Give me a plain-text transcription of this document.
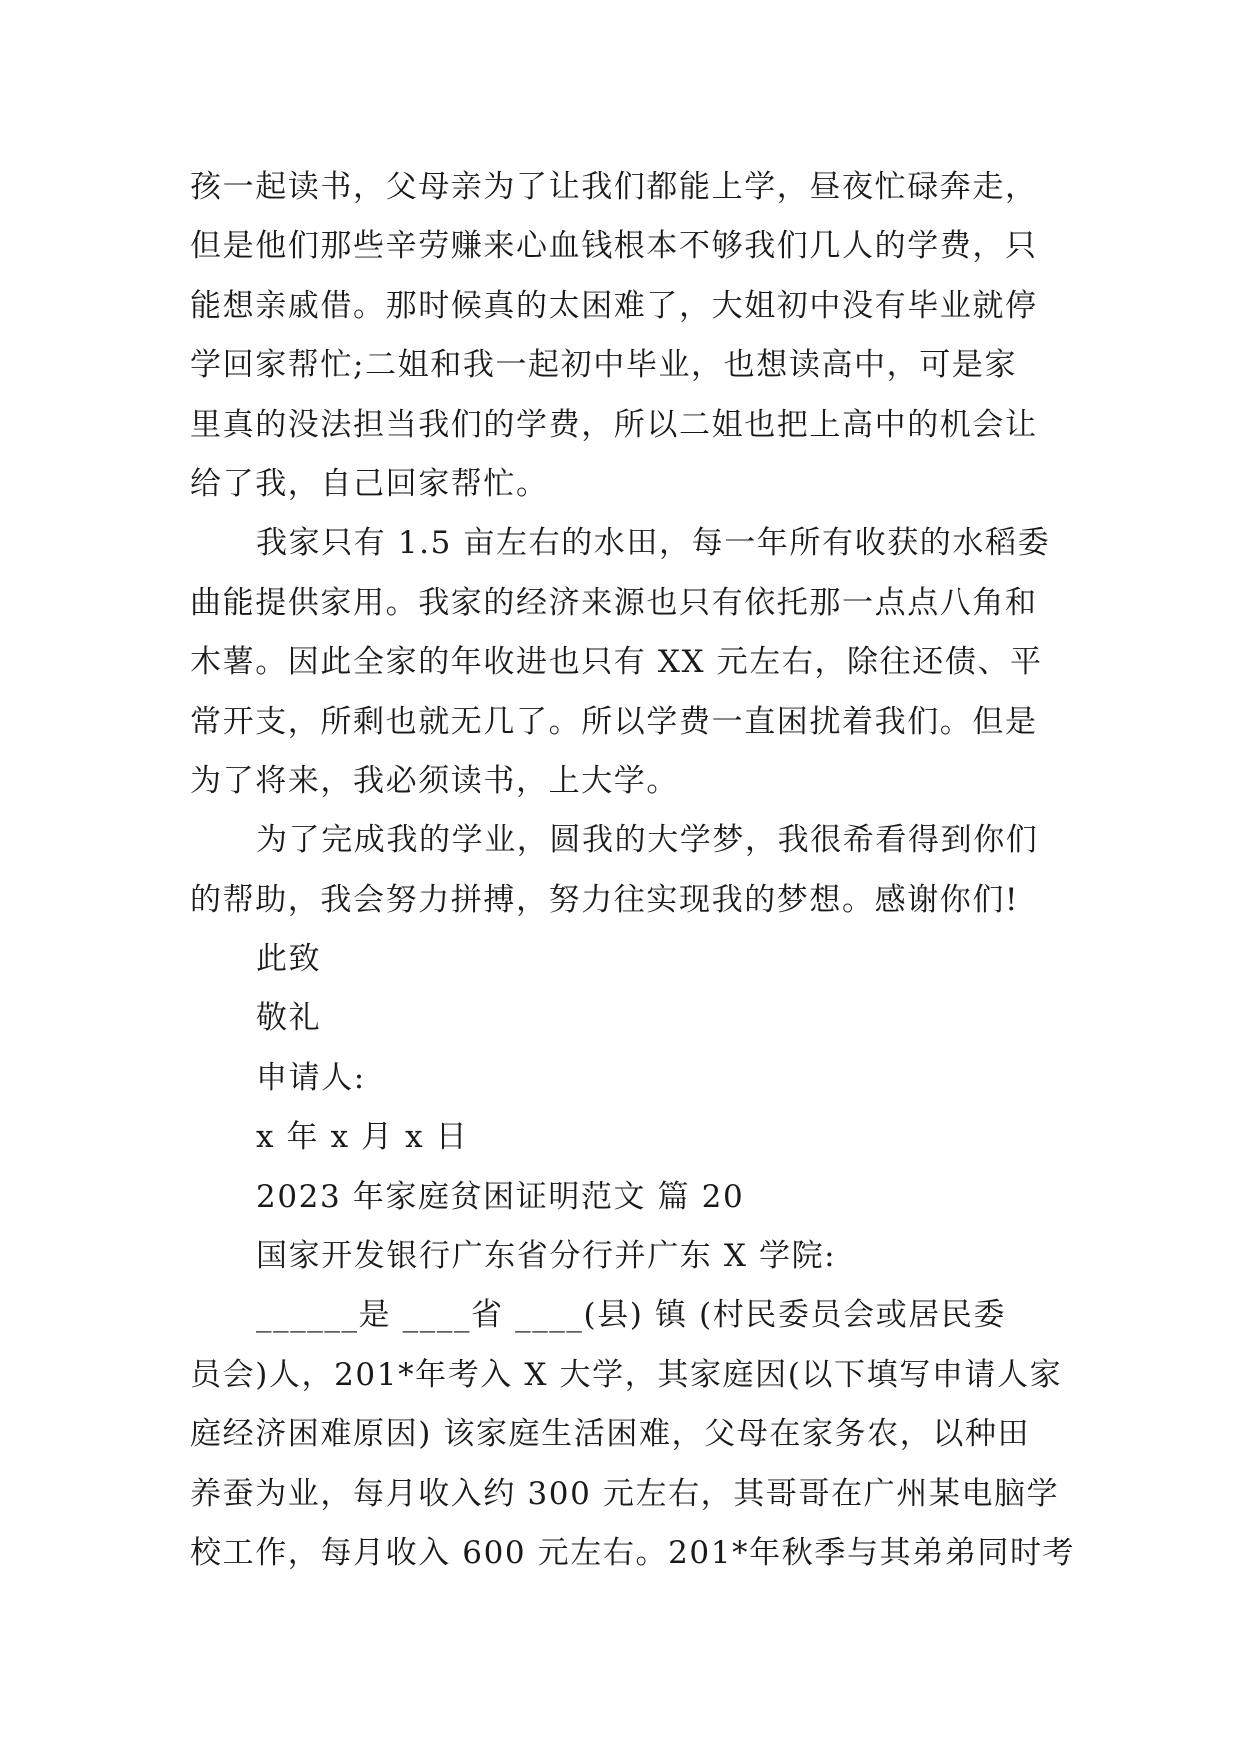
孩一起读书，父母亲为了让我们都能上学，昼夜忙碌奔走，
但是他们那些辛劳赚来心血钱根本不够我们几人的学费，只
能想亲戚借。那时候真的太困难了，大姐初中没有毕业就停
学回家帮忙;二姐和我一起初中毕业，也想读高中，可是家
里真的没法担当我们的学费，所以二姐也把上高中的机会让
给了我，自己回家帮忙。
我家只有 1.5 亩左右的水田，每一年所有收获的水稻委
曲能提供家用。我家的经济来源也只有依托那一点点八角和
木薯。因此全家的年收进也只有 XX 元左右，除往还债、平
常开支，所剩也就无几了。所以学费一直困扰着我们。但是
为了将来，我必须读书，上大学。
为了完成我的学业，圆我的大学梦，我很希看得到你们
的帮助，我会努力拼搏，努力往实现我的梦想。感谢你们!
此致
敬礼
申请人:
x 年 x 月 x 日
2023 年家庭贫困证明范文 篇 20
国家开发银行广东省分行并广东 X 学院:
______是 ____省 ____(县) 镇 (村民委员会或居民委
员会)人，201*年考入 X 大学，其家庭因(以下填写申请人家
庭经济困难原因) 该家庭生活困难，父母在家务农，以种田
养蚕为业，每月收入约 300 元左右，其哥哥在广州某电脑学
校工作，每月收入 600 元左右。201*年秋季与其弟弟同时考
